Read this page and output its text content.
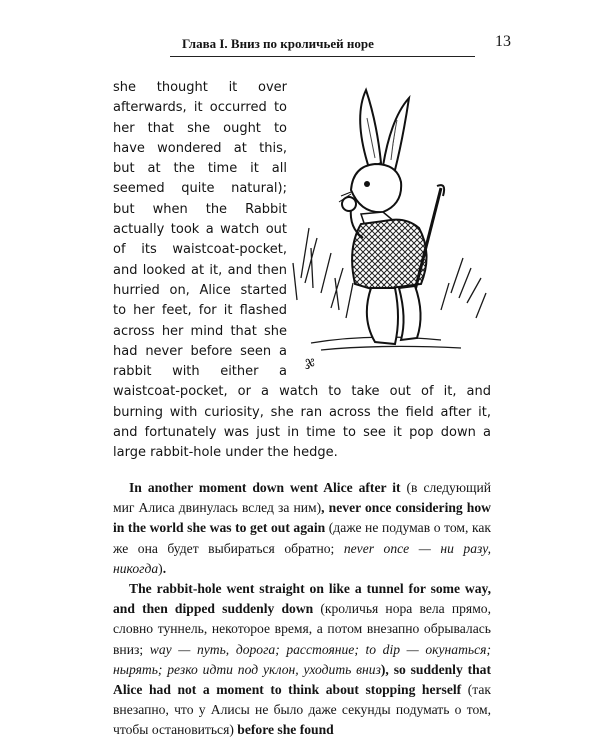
Глава I. Вниз по кроличьей норе	13
ჯ

she thought it over afterwards, it occurred to her that she ought to have wondered at this, but at the time it all seemed quite natural); but when the Rabbit actually took a watch out of its waistcoat-pocket, and looked at it, and then hurried on, Alice started to her feet, for it flashed across her mind that she had never before seen a rabbit with either a waistcoat-pocket, or a watch to take out of it, and burning with curiosity, she ran across the field after it, and fortunately was just in time to see it pop down a large rabbit-hole under the hedge.

In another moment down went Alice after it (в следующий миг Алиса двинулась вслед за ним), never once considering how in the world she was to get out again (даже не подумав о том, как же она будет выбираться обратно; never once — ни разу, никогда).

The rabbit-hole went straight on like a tunnel for some way, and then dipped suddenly down (кроличья нора вела прямо, словно туннель, некоторое время, а потом внезапно обрывалась вниз; way — путь, дорога; расстояние; to dip — окунаться; нырять; резко идти под уклон, уходить вниз), so suddenly that Alice had not a moment to think about stopping herself (так внезапно, что у Алисы не было даже секунды подумать о том, чтобы остановиться) before she found
